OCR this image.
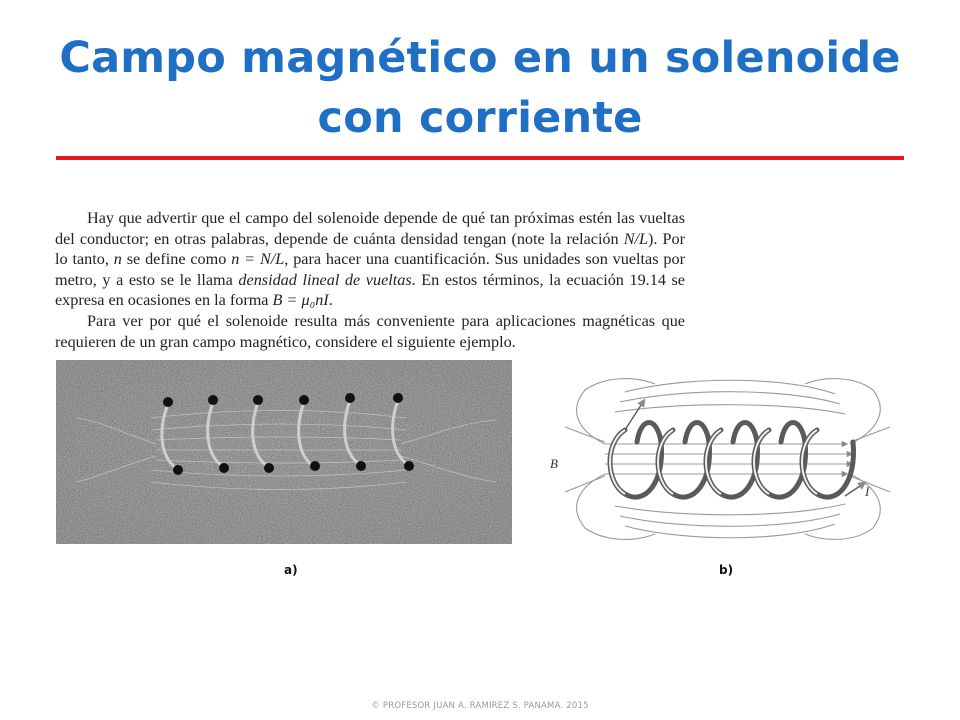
Campo magnético en un solenoide
con corriente

Hay que advertir que el campo del solenoide depende de qué tan próximas estén las vueltas del conductor; en otras palabras, depende de cuánta densidad tengan (note la relación N/L). Por lo tanto, n se define como n = N/L, para hacer una cuantificación. Sus unidades son vueltas por metro, y a esto se le llama densidad lineal de vueltas. En estos términos, la ecuación 19.14 se expresa en ocasiones en la forma B = μ₀nI.

Para ver por qué el solenoide resulta más conveniente para aplicaciones magnéticas que requieren de un gran campo magnético, considere el siguiente ejemplo.

B
I
a)	b)
© PROFESOR JUAN A. RAMIREZ S. PANAMA. 2015
